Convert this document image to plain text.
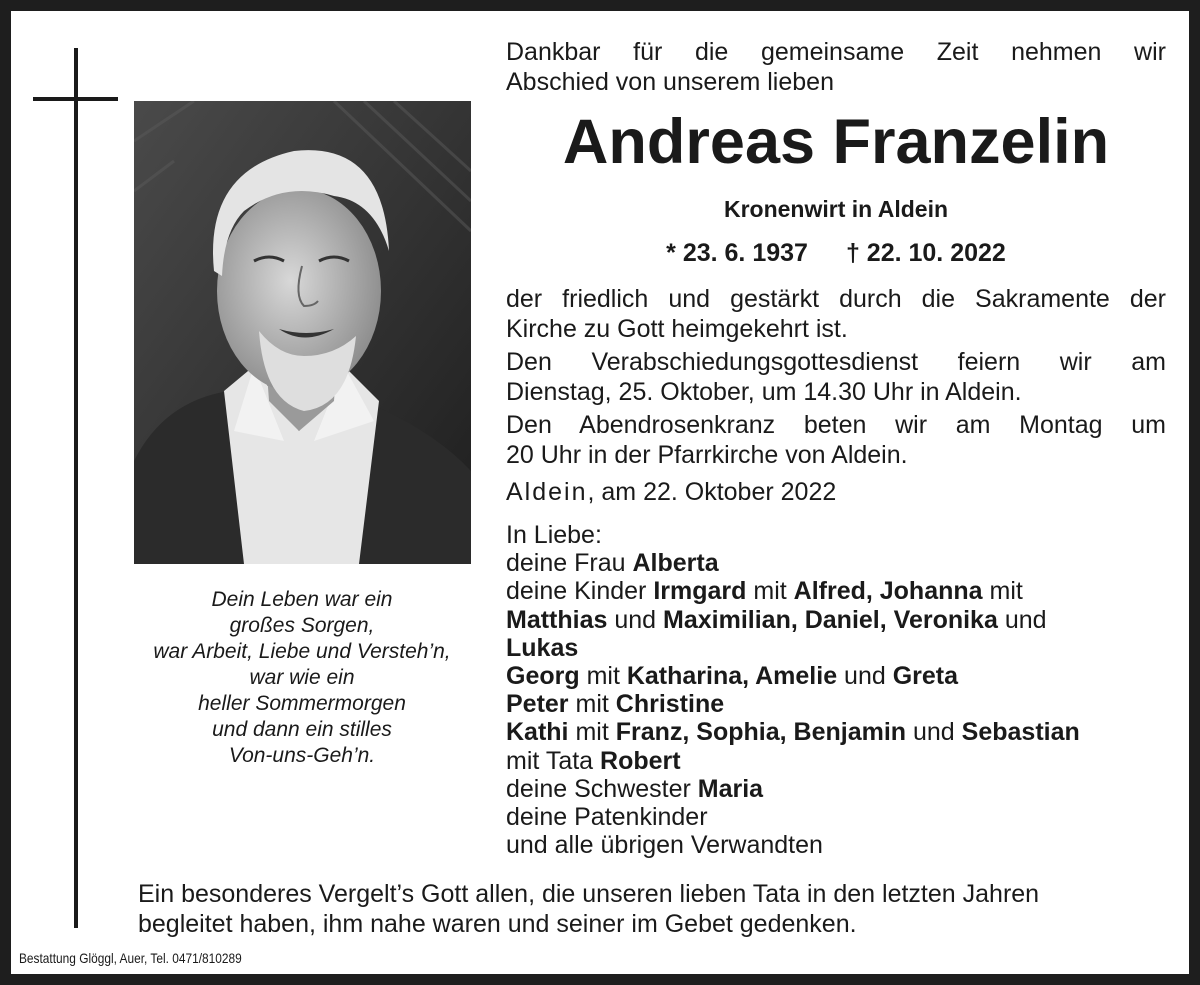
Dein Leben war ein
großes Sorgen,
war Arbeit, Liebe und Versteh’n,
war wie ein
heller Sommermorgen
und dann ein stilles
Von-uns-Geh’n.
Dankbar für die gemeinsame Zeit nehmen wir
Abschied von unserem lieben
Andreas Franzelin
Kronenwirt in Aldein
* 23. 6. 1937 † 22. 10. 2022
der friedlich und gestärkt durch die Sakramente der
Kirche zu Gott heimgekehrt ist.
Den Verabschiedungsgottesdienst feiern wir am
Dienstag, 25. Oktober, um 14.30 Uhr in Aldein.
Den Abendrosenkranz beten wir am Montag um
20 Uhr in der Pfarrkirche von Aldein.
Aldein, am 22. Oktober 2022
In Liebe:
deine Frau Alberta
deine Kinder Irmgard mit Alfred, Johanna mit
Matthias und Maximilian, Daniel, Veronika und
Lukas
Georg mit Katharina, Amelie und Greta
Peter mit Christine
Kathi mit Franz, Sophia, Benjamin und Sebastian
mit Tata Robert
deine Schwester Maria
deine Patenkinder
und alle übrigen Verwandten
Ein besonderes Vergelt’s Gott allen, die unseren lieben Tata in den letzten Jahren
begleitet haben, ihm nahe waren und seiner im Gebet gedenken.
Bestattung Glöggl, Auer, Tel. 0471/810289
